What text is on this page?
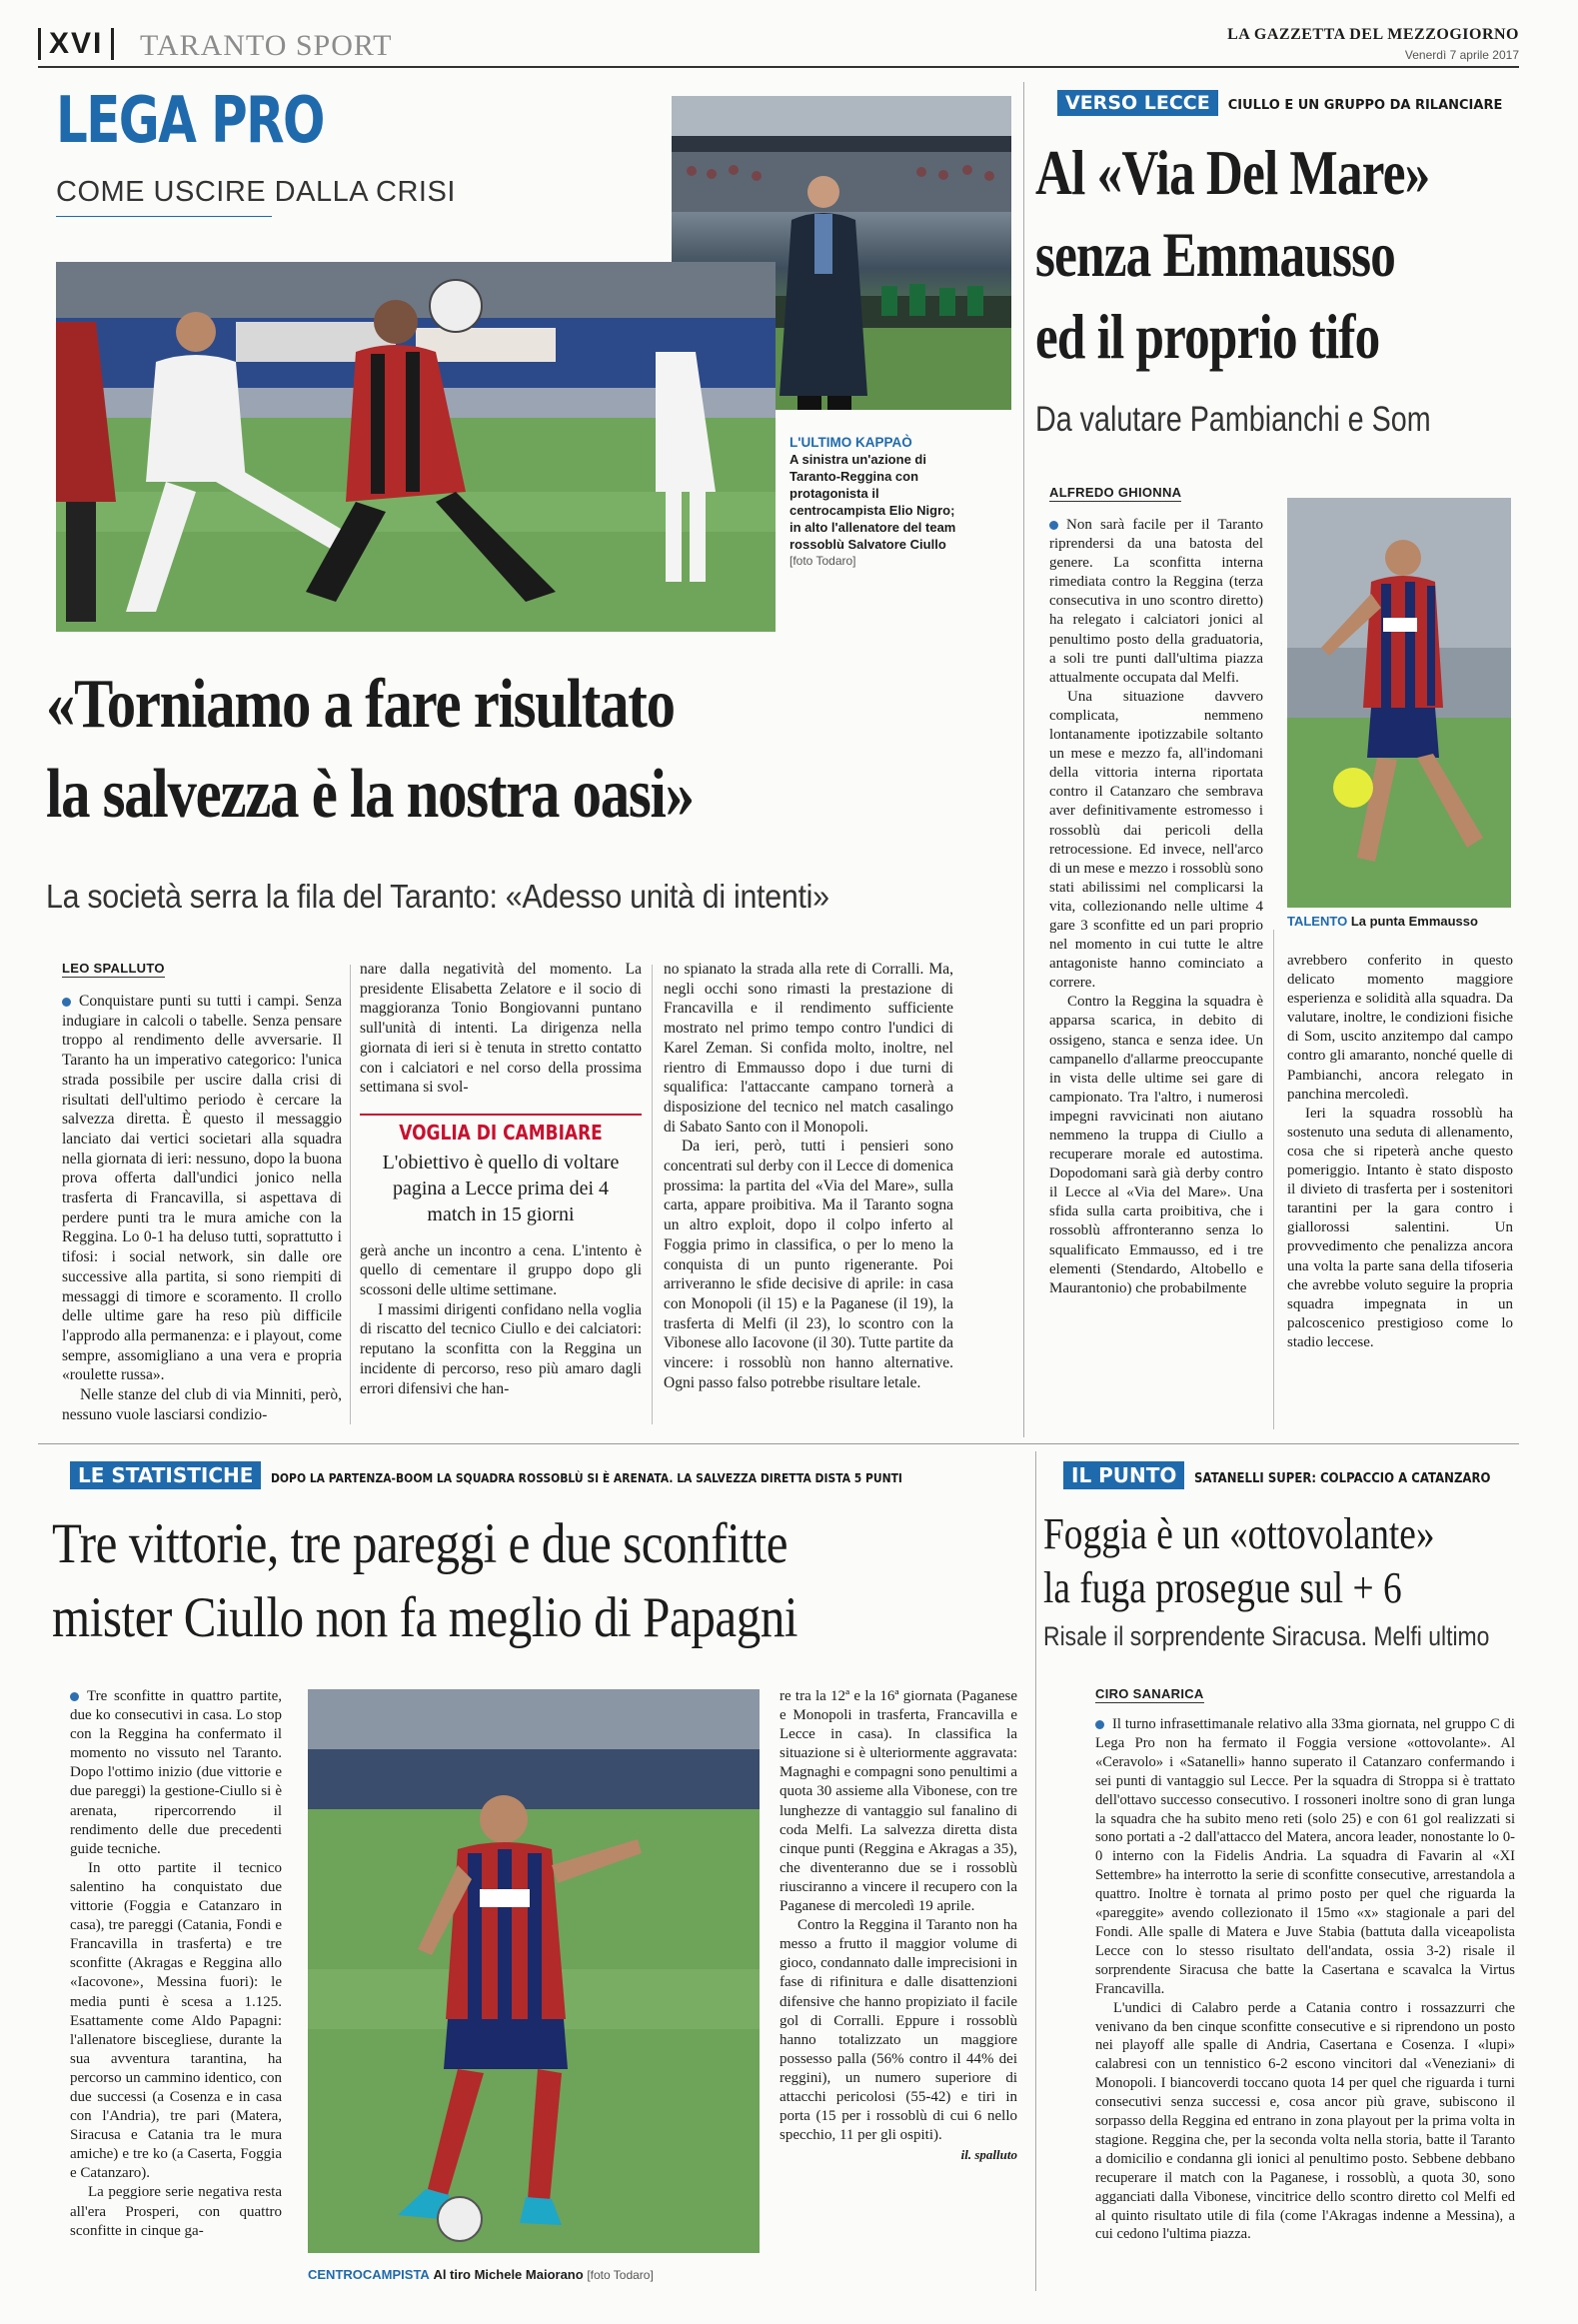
XVI	TARANTO SPORT	LA GAZZETTA DEL MEZZOGIORNO
Venerdì 7 aprile 2017
LEGA PRO
COME USCIRE DALLA CRISI
L'ULTIMO KAPPAÒ
A sinistra un'azione di Taranto-Reggina con protagonista il centrocampista Elio Nigro; in alto l'allenatore del team rossoblù Salvatore Ciullo
[foto Todaro]
«Torniamo a fare risultato
la salvezza è la nostra oasi»
La società serra la fila del Taranto: «Adesso unità di intenti»
LEO SPALLUTO

Conquistare punti su tutti i campi. Senza indugiare in calcoli o tabelle. Senza pensare troppo al rendimento delle avversarie. Il Taranto ha un imperativo categorico: l'unica strada possibile per uscire dalla crisi di risultati dell'ultimo periodo è cercare la salvezza diretta. È questo il messaggio lanciato dai vertici societari alla squadra nella giornata di ieri: nessuno, dopo la buona prova offerta dall'undici jonico nella trasferta di Francavilla, si aspettava di perdere punti tra le mura amiche con la Reggina. Lo 0-1 ha deluso tutti, soprattutto i tifosi: i social network, sin dalle ore successive alla partita, si sono riempiti di messaggi di timore e scoramento. Il crollo delle ultime gare ha reso più difficile l'approdo alla permanenza: e i playout, come sempre, assomigliano a una vera e propria «roulette russa».

Nelle stanze del club di via Minniti, però, nessuno vuole lasciarsi condizio-

nare dalla negatività del momento. La presidente Elisabetta Zelatore e il socio di maggioranza Tonio Bongiovanni puntano sull'unità di intenti. La dirigenza nella giornata di ieri si è tenuta in stretto contatto con i calciatori e nel corso della prossima settimana si svol-

VOGLIA DI CAMBIARE
L'obiettivo è quello di voltare pagina a Lecce prima dei 4 match in 15 giorni

gerà anche un incontro a cena. L'intento è quello di cementare il gruppo dopo gli scossoni delle ultime settimane.

I massimi dirigenti confidano nella voglia di riscatto del tecnico Ciullo e dei calciatori: reputano la sconfitta con la Reggina un incidente di percorso, reso più amaro dagli errori difensivi che han-

no spianato la strada alla rete di Corralli. Ma, negli occhi sono rimasti la prestazione di Francavilla e il rendimento sufficiente mostrato nel primo tempo contro l'undici di Karel Zeman. Si confida molto, inoltre, nel rientro di Emmausso dopo i due turni di squalifica: l'attaccante campano tornerà a disposizione del tecnico nel match casalingo di Sabato Santo con il Monopoli.

Da ieri, però, tutti i pensieri sono concentrati sul derby con il Lecce di domenica prossima: la partita del «Via del Mare», sulla carta, appare proibitiva. Ma il Taranto sogna un altro exploit, dopo il colpo inferto al Foggia primo in classifica, o per lo meno la conquista di un punto rigenerante. Poi arriveranno le sfide decisive di aprile: in casa con Monopoli (il 15) e la Paganese (il 19), la trasferta di Melfi (il 23), lo scontro con la Vibonese allo Iacovone (il 30). Tutte partite da vincere: i rossoblù non hanno alternative. Ogni passo falso potrebbe risultare letale.

VERSO LECCE CIULLO E UN GRUPPO DA RILANCIARE
Al «Via Del Mare»
senza Emmausso
ed il proprio tifo
Da valutare Pambianchi e Som
ALFREDO GHIONNA

Non sarà facile per il Taranto riprendersi da una batosta del genere. La sconfitta interna rimediata contro la Reggina (terza consecutiva in uno scontro diretto) ha relegato i calciatori jonici al penultimo posto della graduatoria, a soli tre punti dall'ultima piazza attualmente occupata dal Melfi.

Una situazione davvero complicata, nemmeno lontanamente ipotizzabile soltanto un mese e mezzo fa, all'indomani della vittoria interna riportata contro il Catanzaro che sembrava aver definitivamente estromesso i rossoblù dai pericoli della retrocessione. Ed invece, nell'arco di un mese e mezzo i rossoblù sono stati abilissimi nel complicarsi la vita, collezionando nelle ultime 4 gare 3 sconfitte ed un pari proprio nel momento in cui tutte le altre antagoniste hanno cominciato a correre.

Contro la Reggina la squadra è apparsa scarica, in debito di ossigeno, stanca e senza idee. Un campanello d'allarme preoccupante in vista delle ultime sei gare di campionato. Tra l'altro, i numerosi impegni ravvicinati non aiutano nemmeno la truppa di Ciullo a recuperare morale ed autostima. Dopodomani sarà già derby contro il Lecce al «Via del Mare». Una sfida sulla carta proibitiva, che i rossoblù affronteranno senza lo squalificato Emmausso, ed i tre elementi (Stendardo, Altobello e Maurantonio) che probabilmente

TALENTO La punta Emmausso

avrebbero conferito in questo delicato momento maggiore esperienza e solidità alla squadra. Da valutare, inoltre, le condizioni fisiche di Som, uscito anzitempo dal campo contro gli amaranto, nonché quelle di Pambianchi, ancora relegato in panchina mercoledì.

Ieri la squadra rossoblù ha sostenuto una seduta di allenamento, cosa che si ripeterà anche questo pomeriggio. Intanto è stato disposto il divieto di trasferta per i sostenitori tarantini per la gara contro i giallorossi salentini. Un provvedimento che penalizza ancora una volta la parte sana della tifoseria che avrebbe voluto seguire la propria squadra impegnata in un palcoscenico prestigioso come lo stadio leccese.

LE STATISTICHE DOPO LA PARTENZA-BOOM LA SQUADRA ROSSOBLÙ SI È ARENATA. LA SALVEZZA DIRETTA DISTA 5 PUNTI
Tre vittorie, tre pareggi e due sconfitte
mister Ciullo non fa meglio di Papagni

Tre sconfitte in quattro partite, due ko consecutivi in casa. Lo stop con la Reggina ha confermato il momento no vissuto nel Taranto. Dopo l'ottimo inizio (due vittorie e due pareggi) la gestione-Ciullo si è arenata, ripercorrendo il rendimento delle due precedenti guide tecniche.

In otto partite il tecnico salentino ha conquistato due vittorie (Foggia e Catanzaro in casa), tre pareggi (Catania, Fondi e Francavilla in trasferta) e tre sconfitte (Akragas e Reggina allo «Iacovone», Messina fuori): le media punti è scesa a 1.125. Esattamente come Aldo Papagni: l'allenatore biscegliese, durante la sua avventura tarantina, ha percorso un cammino identico, con due successi (a Cosenza e in casa con l'Andria), tre pari (Matera, Siracusa e Catania tra le mura amiche) e tre ko (a Caserta, Foggia e Catanzaro).

La peggiore serie negativa resta all'era Prosperi, con quattro sconfitte in cinque ga-

CENTROCAMPISTA Al tiro Michele Maiorano [foto Todaro]

re tra la 12ª e la 16ª giornata (Paganese e Monopoli in trasferta, Francavilla e Lecce in casa). In classifica la situazione si è ulteriormente aggravata: Magnaghi e compagni sono penultimi a quota 30 assieme alla Vibonese, con tre lunghezze di vantaggio sul fanalino di coda Melfi. La salvezza diretta dista cinque punti (Reggina e Akragas a 35), che diventeranno due se i rossoblù riusciranno a vincere il recupero con la Paganese di mercoledì 19 aprile.

Contro la Reggina il Taranto non ha messo a frutto il maggior volume di gioco, condannato dalle imprecisioni in fase di rifinitura e dalle disattenzioni difensive che hanno propiziato il facile gol di Corralli. Eppure i rossoblù hanno totalizzato un maggiore possesso palla (56% contro il 44% dei reggini), un numero superiore di attacchi pericolosi (55-42) e tiri in porta (15 per i rossoblù di cui 6 nello specchio, 11 per gli ospiti).

il. spalluto
IL PUNTO SATANELLI SUPER: COLPACCIO A CATANZARO
Foggia è un «ottovolante»
la fuga prosegue sul + 6
Risale il sorprendente Siracusa. Melfi ultimo
CIRO SANARICA

Il turno infrasettimanale relativo alla 33ma giornata, nel gruppo C di Lega Pro non ha fermato il Foggia versione «ottovolante». Al «Ceravolo» i «Satanelli» hanno superato il Catanzaro confermando i sei punti di vantaggio sul Lecce. Per la squadra di Stroppa si è trattato dell'ottavo successo consecutivo. I rossoneri inoltre sono di gran lunga la squadra che ha subito meno reti (solo 25) e con 61 gol realizzati si sono portati a -2 dall'attacco del Matera, ancora leader, nonostante lo 0-0 interno con la Fidelis Andria. La squadra di Favarin al «XI Settembre» ha interrotto la serie di sconfitte consecutive, arrestandola a quattro. Inoltre è tornata al primo posto per quel che riguarda la «pareggite» avendo collezionato il 15mo «x» stagionale a pari del Fondi. Alle spalle di Matera e Juve Stabia (battuta dalla viceapolista Lecce con lo stesso risultato dell'andata, ossia 3-2) risale il sorprendente Siracusa che batte la Casertana e scavalca la Virtus Francavilla.

L'undici di Calabro perde a Catania contro i rossazzurri che venivano da ben cinque sconfitte consecutive e si riprendono un posto nei playoff alle spalle di Andria, Casertana e Cosenza. I «lupi» calabresi con un tennistico 6-2 escono vincitori dal «Veneziani» di Monopoli. I biancoverdi toccano quota 14 per quel che riguarda i turni consecutivi senza successi e, cosa ancor più grave, subiscono il sorpasso della Reggina ed entrano in zona playout per la prima volta in stagione. Reggina che, per la seconda volta nella storia, batte il Taranto a domicilio e condanna gli ionici al penultimo posto. Sebbene debbano recuperare il match con la Paganese, i rossoblù, a quota 30, sono agganciati dalla Vibonese, vincitrice dello scontro diretto col Melfi ed al quinto risultato utile di fila (come l'Akragas indenne a Messina), a cui cedono l'ultima piazza.
